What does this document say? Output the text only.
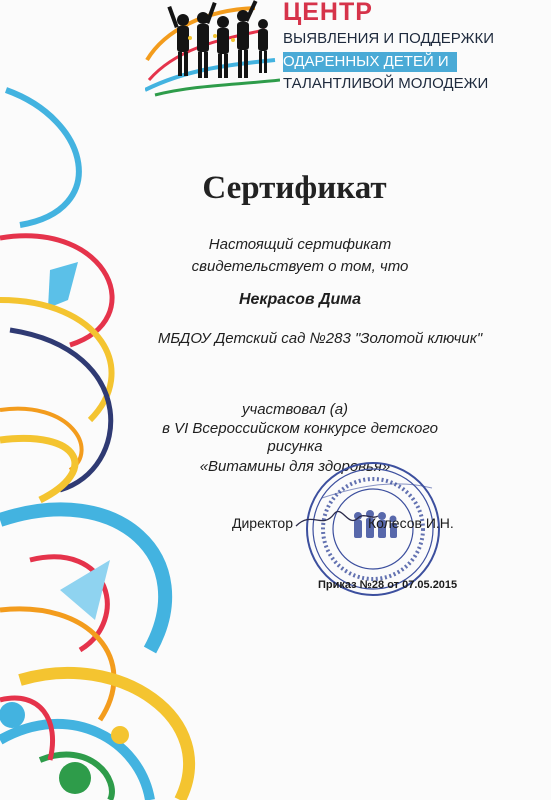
ЦЕНТР
ВЫЯВЛЕНИЯ И ПОДДЕРЖКИ
ОДАРЕННЫХ ДЕТЕЙ И
ТАЛАНТЛИВОЙ МОЛОДЕЖИ
Сертификат
Настоящий сертификат
свидетельствует о том, что
Некрасов Дима
МБДОУ Детский сад №283 "Золотой ключик"
участвовал (а)
в VI Всероссийском конкурсе детского
рисунка
«Витамины для здоровья»
Директор	Колесов И.Н.
Приказ №28 от 07.05.2015
